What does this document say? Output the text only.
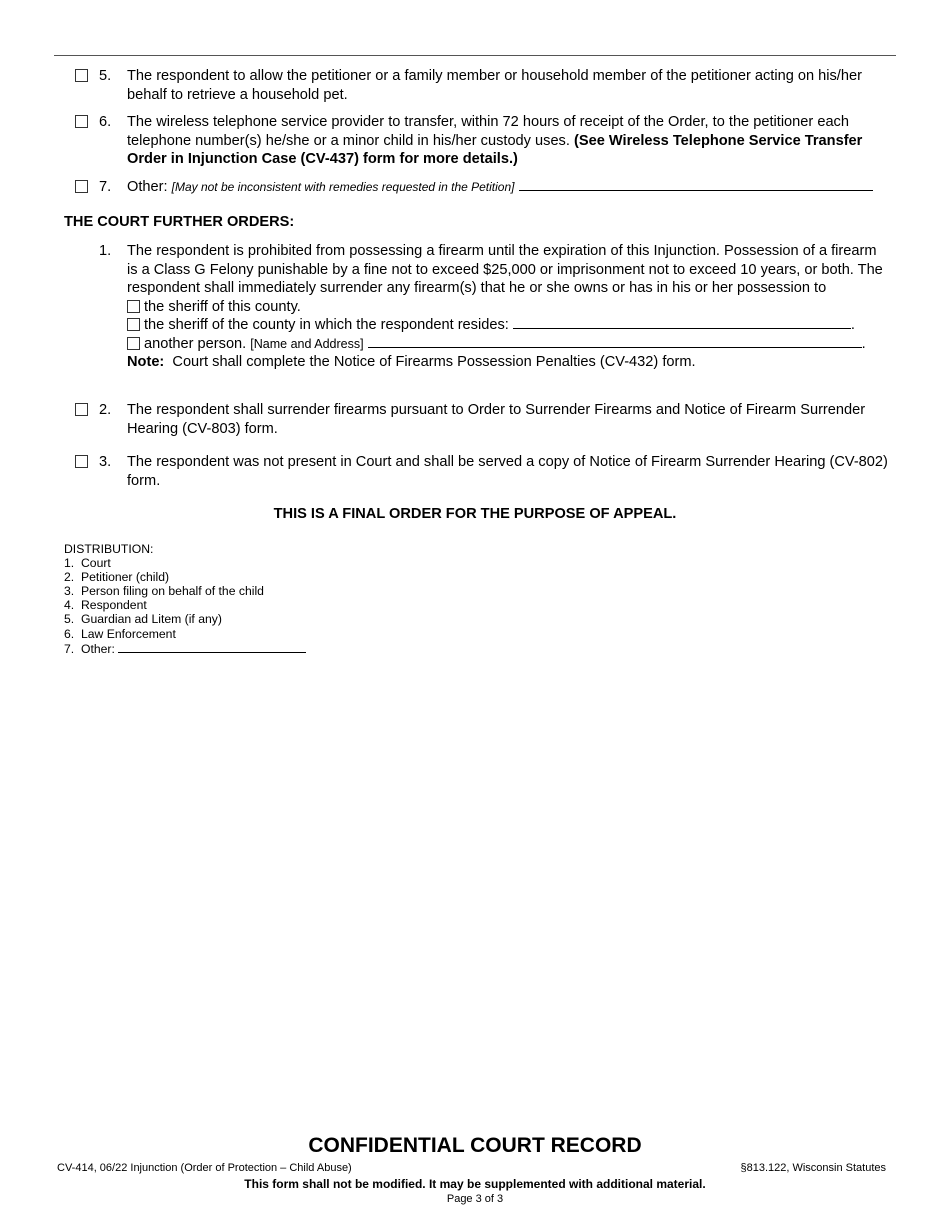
5. The respondent to allow the petitioner or a family member or household member of the petitioner acting on his/her behalf to retrieve a household pet.
6. The wireless telephone service provider to transfer, within 72 hours of receipt of the Order, to the petitioner each telephone number(s) he/she or a minor child in his/her custody uses. (See Wireless Telephone Service Transfer Order in Injunction Case (CV-437) form for more details.)
7. Other: [May not be inconsistent with remedies requested in the Petition]
THE COURT FURTHER ORDERS:
1. The respondent is prohibited from possessing a firearm until the expiration of this Injunction. Possession of a firearm is a Class G Felony punishable by a fine not to exceed $25,000 or imprisonment not to exceed 10 years, or both. The respondent shall immediately surrender any firearm(s) that he or she owns or has in his or her possession to
the sheriff of this county.
the sheriff of the county in which the respondent resides:	.
another person. [Name and Address]	.
Note: Court shall complete the Notice of Firearms Possession Penalties (CV-432) form.
2. The respondent shall surrender firearms pursuant to Order to Surrender Firearms and Notice of Firearm Surrender Hearing (CV-803) form.
3. The respondent was not present in Court and shall be served a copy of Notice of Firearm Surrender Hearing (CV-802) form.
THIS IS A FINAL ORDER FOR THE PURPOSE OF APPEAL.
DISTRIBUTION:
1. Court
2. Petitioner (child)
3. Person filing on behalf of the child
4. Respondent
5. Guardian ad Litem (if any)
6. Law Enforcement
7. Other:
CONFIDENTIAL COURT RECORD
CV-414, 06/22 Injunction (Order of Protection – Child Abuse)	§813.122, Wisconsin Statutes
This form shall not be modified. It may be supplemented with additional material.
Page 3 of 3
